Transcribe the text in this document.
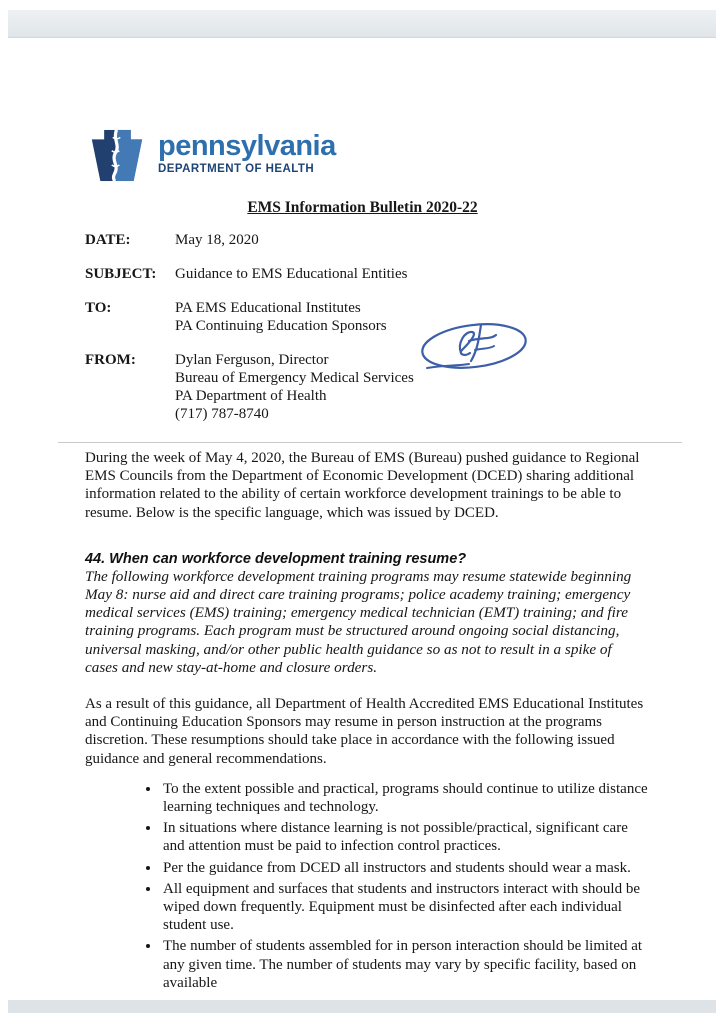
pennsylvania
DEPARTMENT OF HEALTH
EMS Information Bulletin 2020-22
DATE:	May 18, 2020
SUBJECT:	Guidance to EMS Educational Entities
TO:	PA EMS Educational Institutes
PA Continuing Education Sponsors
FROM:	Dylan Ferguson, Director
Bureau of Emergency Medical Services
PA Department of Health
(717) 787-8740

During the week of May 4, 2020, the Bureau of EMS (Bureau) pushed guidance to Regional EMS Councils from the Department of Economic Development (DCED) sharing additional information related to the ability of certain workforce development trainings to be able to resume. Below is the specific language, which was issued by DCED.

44. When can workforce development training resume?

The following workforce development training programs may resume statewide beginning May 8: nurse aid and direct care training programs; police academy training; emergency medical services (EMS) training; emergency medical technician (EMT) training; and fire training programs. Each program must be structured around ongoing social distancing, universal masking, and/or other public health guidance so as not to result in a spike of cases and new stay-at-home and closure orders.

As a result of this guidance, all Department of Health Accredited EMS Educational Institutes and Continuing Education Sponsors may resume in person instruction at the programs discretion. These resumptions should take place in accordance with the following issued guidance and general recommendations.

• To the extent possible and practical, programs should continue to utilize distance learning techniques and technology.
• In situations where distance learning is not possible/practical, significant care and attention must be paid to infection control practices.
• Per the guidance from DCED all instructors and students should wear a mask.
• All equipment and surfaces that students and instructors interact with should be wiped down frequently. Equipment must be disinfected after each individual student use.
• The number of students assembled for in person interaction should be limited at any given time. The number of students may vary by specific facility, based on available
